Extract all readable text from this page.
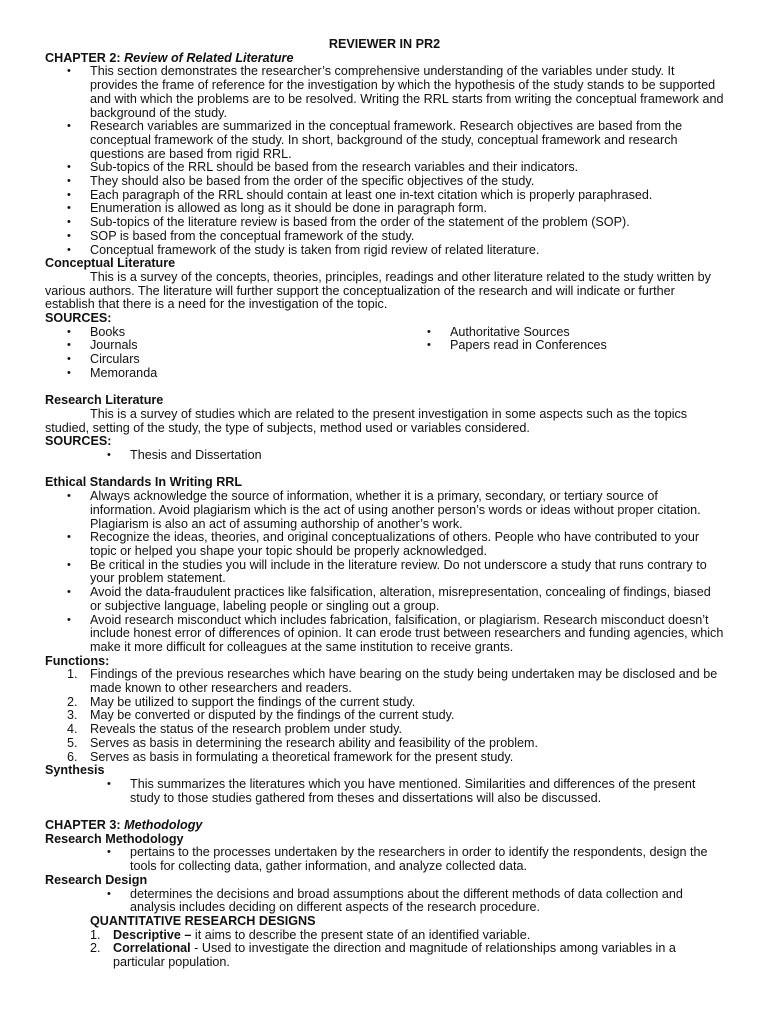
REVIEWER IN PR2

CHAPTER 2: Review of Related Literature

• This section demonstrates the researcher’s comprehensive understanding of the variables under study. It provides the frame of reference for the investigation by which the hypothesis of the study stands to be supported and with which the problems are to be resolved. Writing the RRL starts from writing the conceptual framework and background of the study.
• Research variables are summarized in the conceptual framework. Research objectives are based from the conceptual framework of the study. In short, background of the study, conceptual framework and research questions are based from rigid RRL.
• Sub-topics of the RRL should be based from the research variables and their indicators.
• They should also be based from the order of the specific objectives of the study.
• Each paragraph of the RRL should contain at least one in-text citation which is properly paraphrased.
• Enumeration is allowed as long as it should be done in paragraph form.
• Sub-topics of the literature review is based from the order of the statement of the problem (SOP).
• SOP is based from the conceptual framework of the study.
• Conceptual framework of the study is taken from rigid review of related literature.

Conceptual Literature

This is a survey of the concepts, theories, principles, readings and other literature related to the study written by various authors. The literature will further support the conceptualization of the research and will indicate or further establish that there is a need for the investigation of the topic.

SOURCES:

• Books
• Journals
• Circulars
• Memoranda
• Authoritative Sources
• Papers read in Conferences

Research Literature

This is a survey of studies which are related to the present investigation in some aspects such as the topics studied, setting of the study, the type of subjects, method used or variables considered.

SOURCES:

• Thesis and Dissertation

Ethical Standards In Writing RRL

• Always acknowledge the source of information, whether it is a primary, secondary, or tertiary source of information. Avoid plagiarism which is the act of using another person’s words or ideas without proper citation. Plagiarism is also an act of assuming authorship of another’s work.
• Recognize the ideas, theories, and original conceptualizations of others. People who have contributed to your topic or helped you shape your topic should be properly acknowledged.
• Be critical in the studies you will include in the literature review. Do not underscore a study that runs contrary to your problem statement.
• Avoid the data-fraudulent practices like falsification, alteration, misrepresentation, concealing of findings, biased or subjective language, labeling people or singling out a group.
• Avoid research misconduct which includes fabrication, falsification, or plagiarism. Research misconduct doesn’t include honest error of differences of opinion. It can erode trust between researchers and funding agencies, which make it more difficult for colleagues at the same institution to receive grants.

Functions:

1. Findings of the previous researches which have bearing on the study being undertaken may be disclosed and be made known to other researchers and readers.
2. May be utilized to support the findings of the current study.
3. May be converted or disputed by the findings of the current study.
4. Reveals the status of the research problem under study.
5. Serves as basis in determining the research ability and feasibility of the problem.
6. Serves as basis in formulating a theoretical framework for the present study.

Synthesis

• This summarizes the literatures which you have mentioned. Similarities and differences of the present study to those studies gathered from theses and dissertations will also be discussed.

CHAPTER 3: Methodology

Research Methodology

• pertains to the processes undertaken by the researchers in order to identify the respondents, design the tools for collecting data, gather information, and analyze collected data.

Research Design

• determines the decisions and broad assumptions about the different methods of data collection and analysis includes deciding on different aspects of the research procedure.

QUANTITATIVE RESEARCH DESIGNS

1. Descriptive – it aims to describe the present state of an identified variable.
2. Correlational - Used to investigate the direction and magnitude of relationships among variables in a particular population.
